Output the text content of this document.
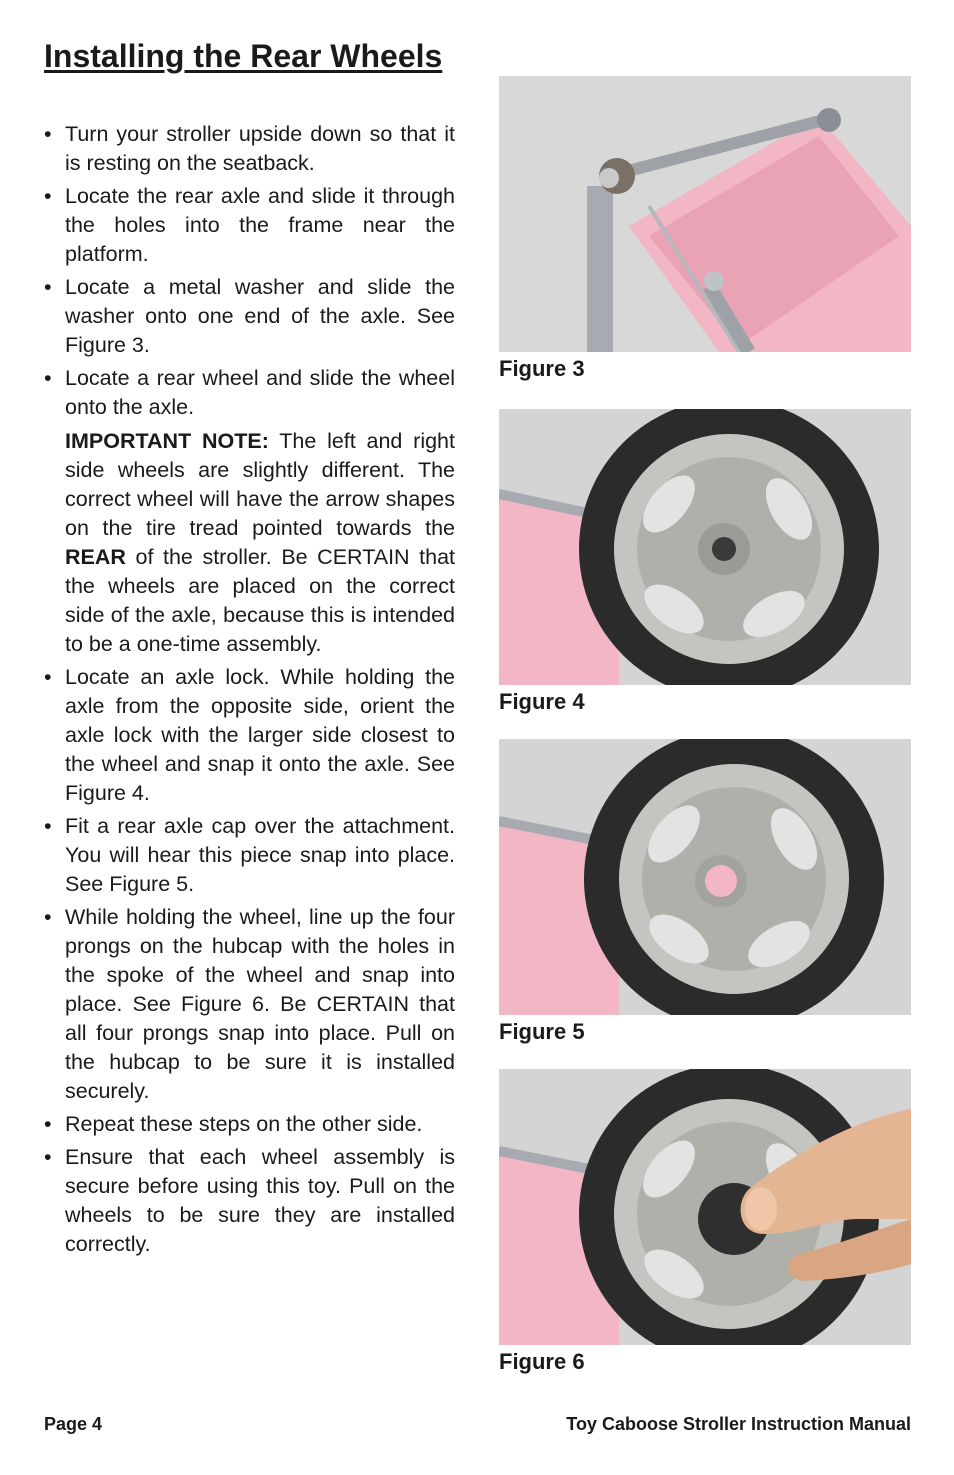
Installing the Rear Wheels
• Turn your stroller upside down so that it is resting on the seatback.

• Locate the rear axle and slide it through the holes into the frame near the platform.

• Locate a metal washer and slide the washer onto one end of the axle. See Figure 3.

• Locate a rear wheel and slide the wheel onto the axle.

IMPORTANT NOTE: The left and right side wheels are slightly different. The correct wheel will have the arrow shapes on the tire tread pointed towards the REAR of the stroller. Be CERTAIN that the wheels are placed on the correct side of the axle, because this is intended to be a one-time assembly.

• Locate an axle lock. While holding the axle from the opposite side, orient the axle lock with the larger side closest to the wheel and snap it onto the axle. See Figure 4.

• Fit a rear axle cap over the attachment. You will hear this piece snap into place. See Figure 5.

• While holding the wheel, line up the four prongs on the hubcap with the holes in the spoke of the wheel and snap into place. See Figure 6. Be CERTAIN that all four prongs snap into place. Pull on the hubcap to be sure it is installed securely.

• Repeat these steps on the other side.

• Ensure that each wheel assembly is secure before using this toy. Pull on the wheels to be sure they are installed correctly.

Figure 3
Figure 4
Figure 5
Figure 6
Page 4	Toy Caboose Stroller Instruction Manual
